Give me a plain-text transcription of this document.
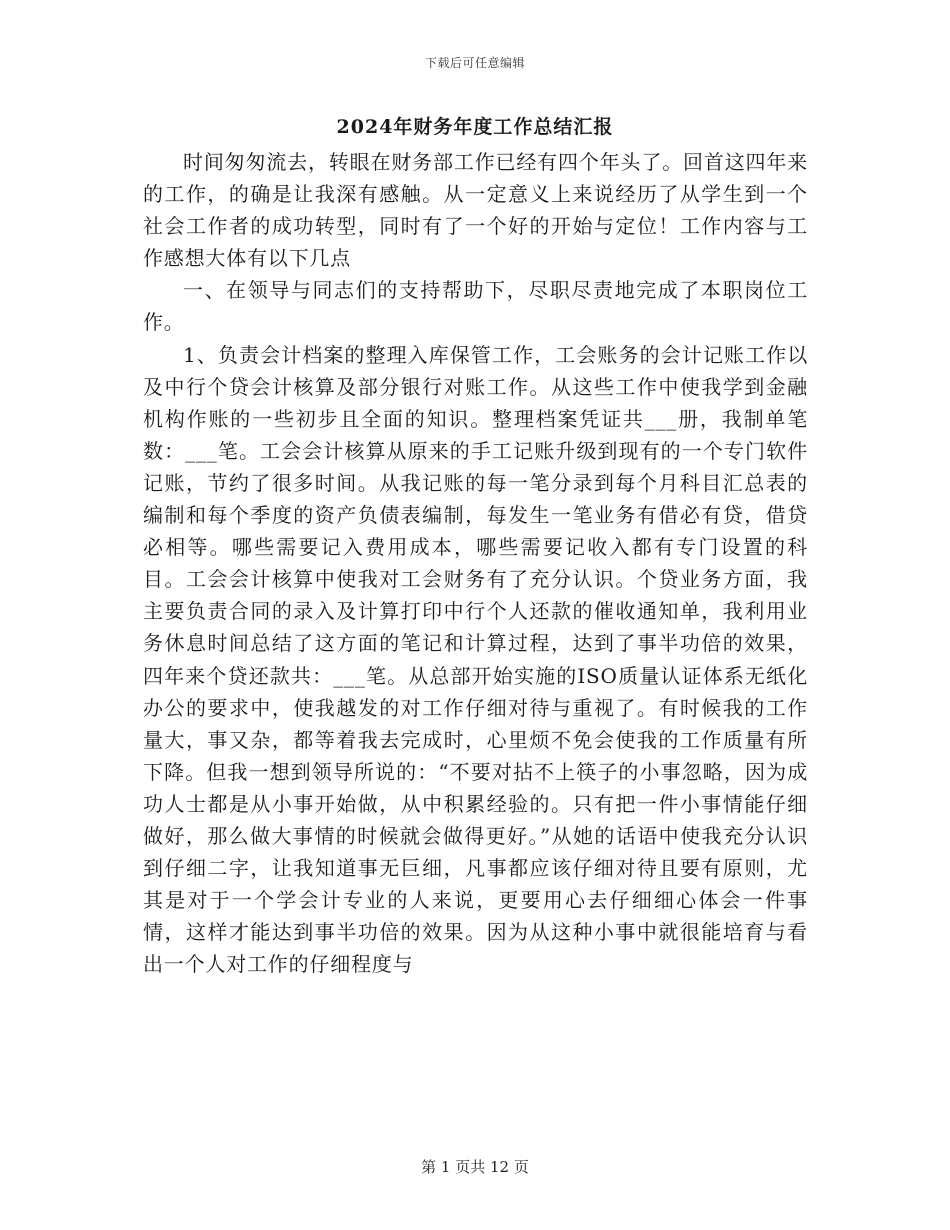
下载后可任意编辑
2024年财务年度工作总结汇报

时间匆匆流去，转眼在财务部工作已经有四个年头了。回首这四年来的工作，的确是让我深有感触。从一定意义上来说经历了从学生到一个社会工作者的成功转型，同时有了一个好的开始与定位！工作内容与工作感想大体有以下几点

一、在领导与同志们的支持帮助下，尽职尽责地完成了本职岗位工作。

1、负责会计档案的整理入库保管工作，工会账务的会计记账工作以及中行个贷会计核算及部分银行对账工作。从这些工作中使我学到金融机构作账的一些初步且全面的知识。整理档案凭证共___册，我制单笔数：___笔。工会会计核算从原来的手工记账升级到现有的一个专门软件记账，节约了很多时间。从我记账的每一笔分录到每个月科目汇总表的编制和每个季度的资产负债表编制，每发生一笔业务有借必有贷，借贷必相等。哪些需要记入费用成本，哪些需要记收入都有专门设置的科目。工会会计核算中使我对工会财务有了充分认识。个贷业务方面，我主要负责合同的录入及计算打印中行个人还款的催收通知单，我利用业务休息时间总结了这方面的笔记和计算过程，达到了事半功倍的效果，四年来个贷还款共：___笔。从总部开始实施的ISO质量认证体系无纸化办公的要求中，使我越发的对工作仔细对待与重视了。有时候我的工作量大，事又杂，都等着我去完成时，心里烦不免会使我的工作质量有所下降。但我一想到领导所说的：“不要对拈不上筷子的小事忽略，因为成功人士都是从小事开始做，从中积累经验的。只有把一件小事情能仔细做好，那么做大事情的时候就会做得更好。”从她的话语中使我充分认识到仔细二字，让我知道事无巨细，凡事都应该仔细对待且要有原则，尤其是对于一个学会计专业的人来说，更要用心去仔细细心体会一件事情，这样才能达到事半功倍的效果。因为从这种小事中就很能培育与看出一个人对工作的仔细程度与

第 1 页共 12 页
